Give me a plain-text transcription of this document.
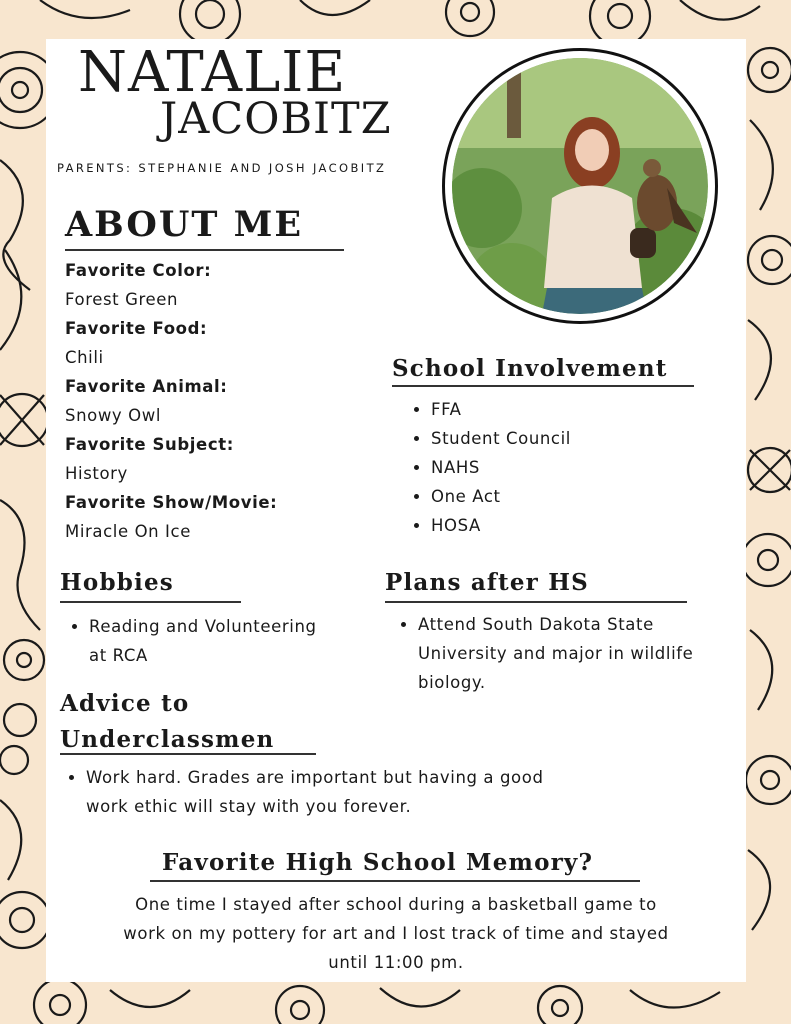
NATALIE
JACOBITZ
PARENTS: STEPHANIE AND JOSH JACOBITZ
ABOUT ME
Favorite Color:
Forest Green
Favorite Food:
Chili
Favorite Animal:
Snowy Owl
Favorite Subject:
History
Favorite Show/Movie:
Miracle On Ice
School Involvement
• FFA
• Student Council
• NAHS
• One Act
• HOSA
Hobbies
• Reading and Volunteering at RCA
Plans after HS
• Attend South Dakota State University and major in wildlife biology.
Advice to
Underclassmen
• Work hard. Grades are important but having a good work ethic will stay with you forever.
Favorite High School Memory?
One time I stayed after school during a basketball game to work on my pottery for art and I lost track of time and stayed until 11:00 pm.
